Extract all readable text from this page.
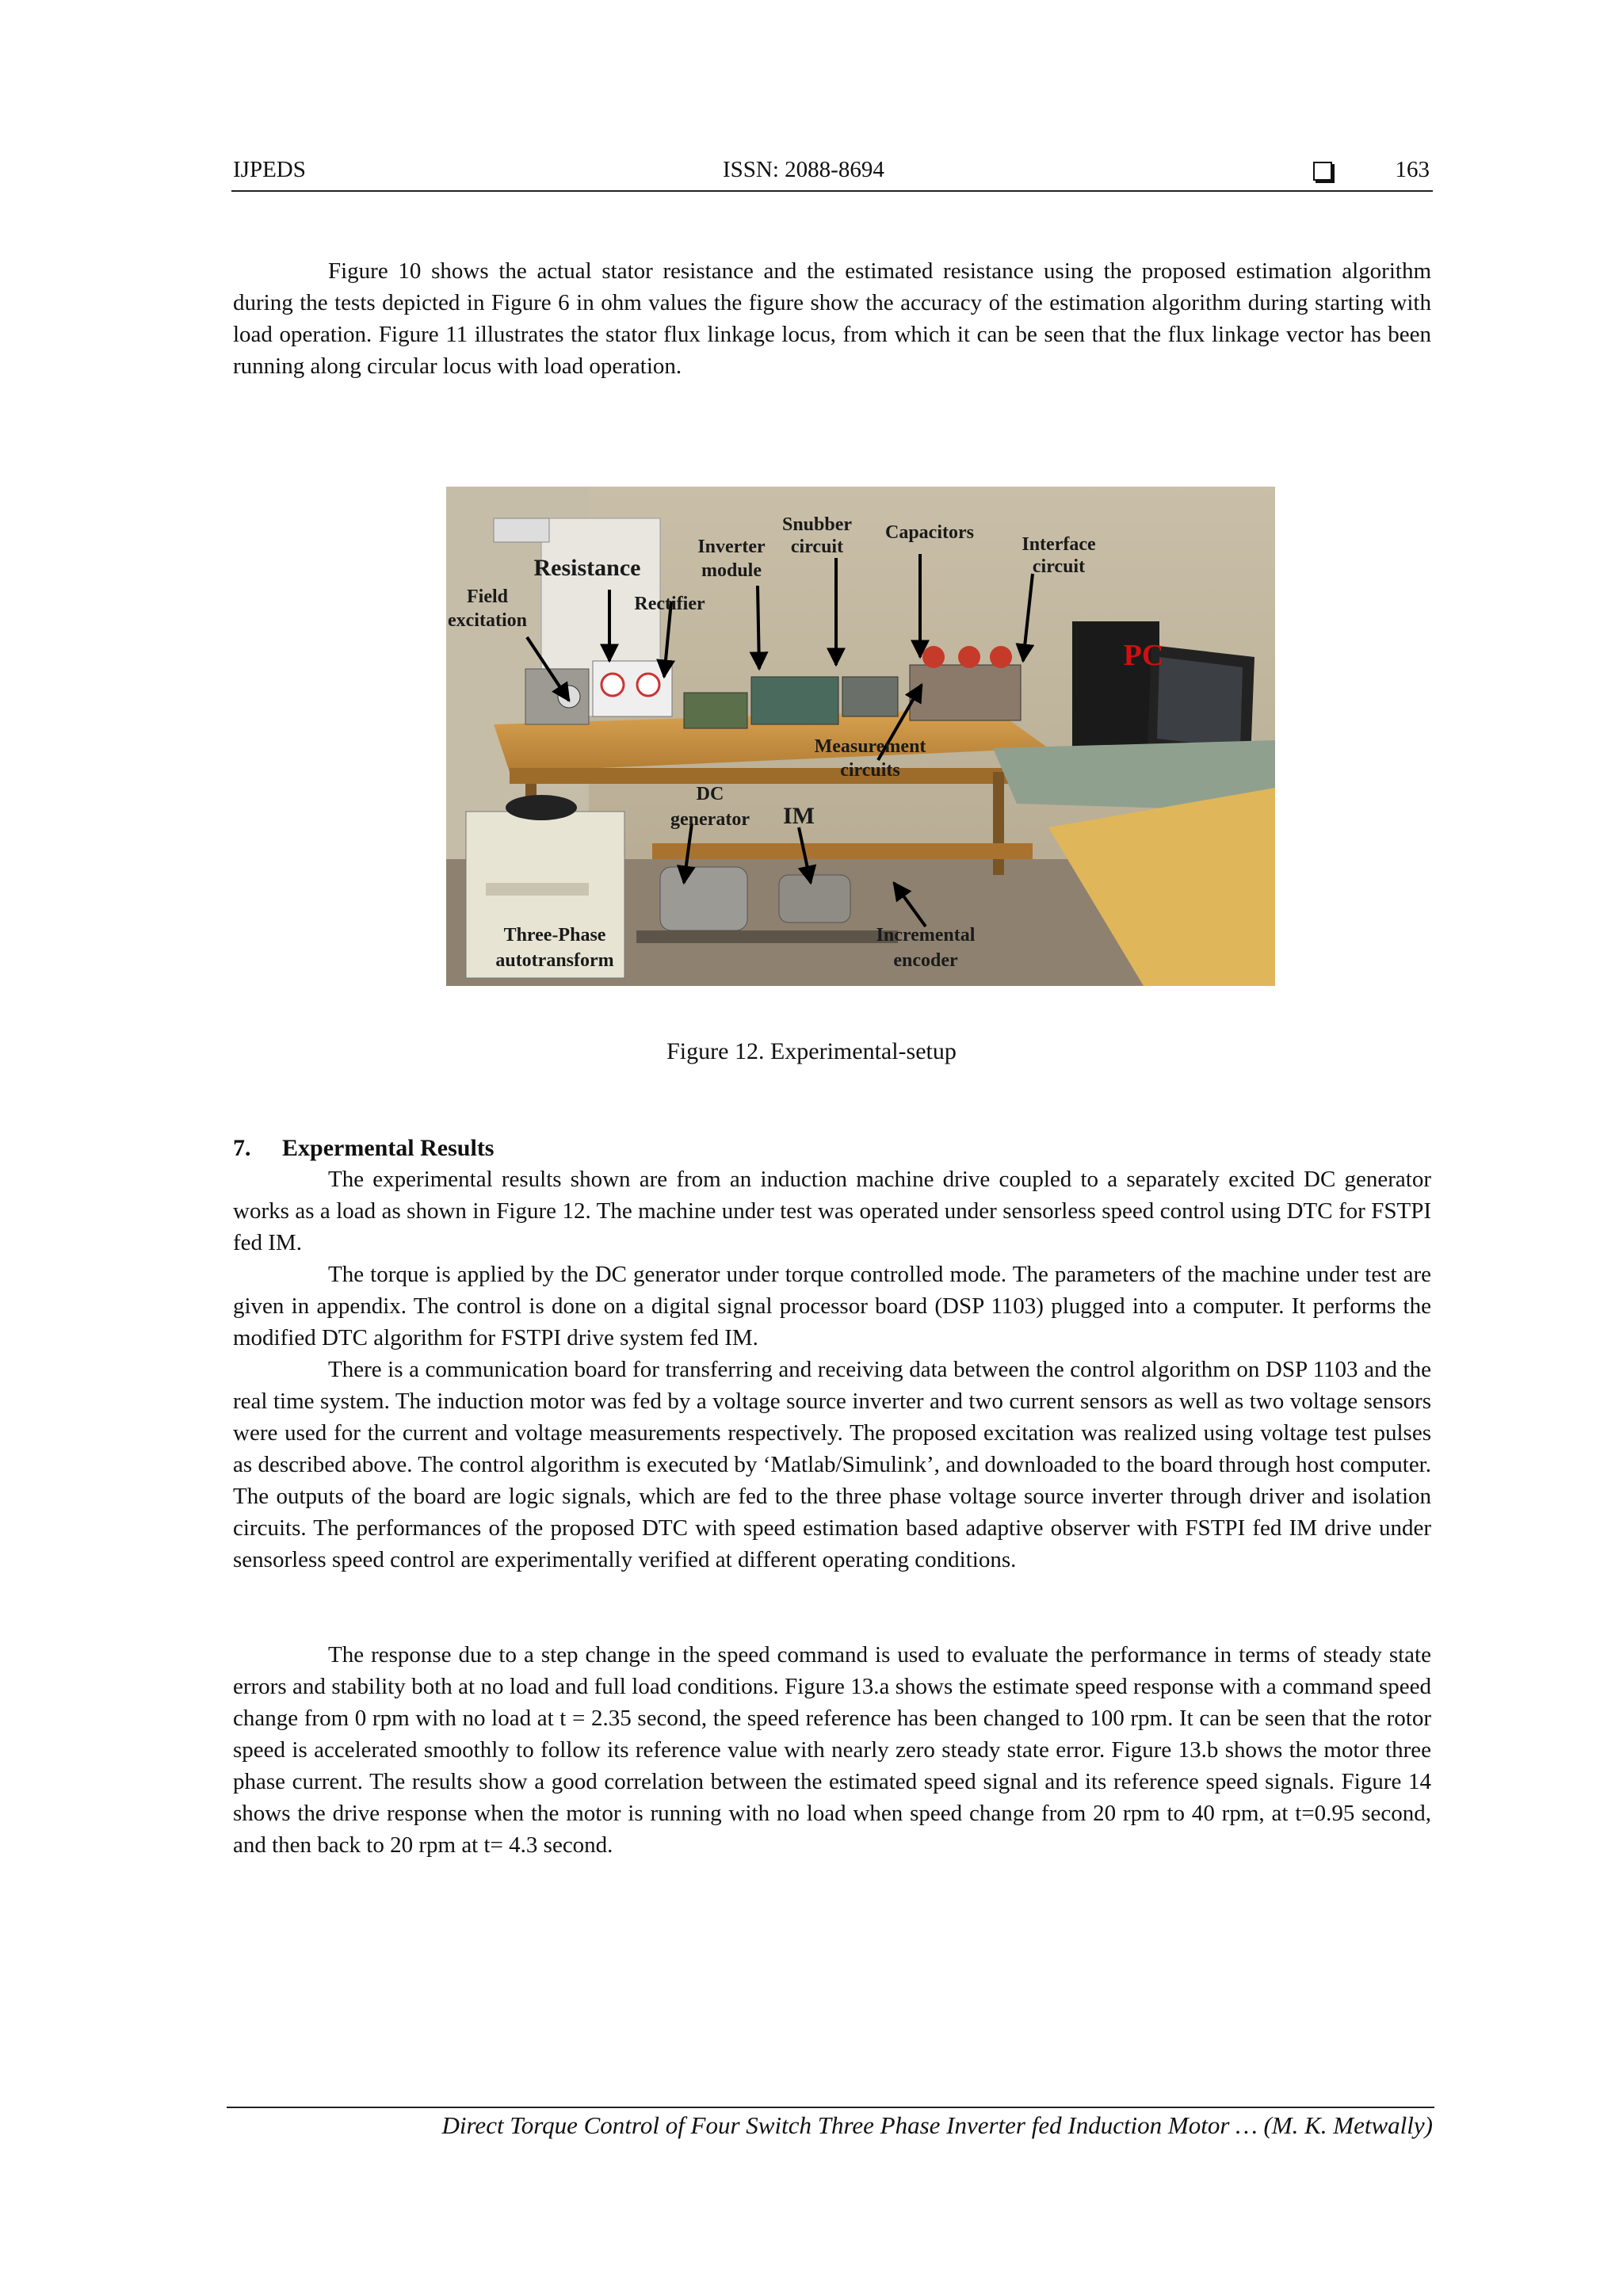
IJPEDS	ISSN: 2088-8694	163

Figure 10 shows the actual stator resistance and the estimated resistance using the proposed estimation algorithm during the tests depicted in Figure 6 in ohm values the figure show the accuracy of the estimation algorithm during starting with load operation. Figure 11 illustrates the stator flux linkage locus, from which it can be seen that the flux linkage vector has been running along circular locus with load operation.

Snubber
circuit
Capacitors
Interface
circuit
Inverter
module
Resistance
Field
excitation
Rectifier
PC
Measurement
circuits
DC
generator IM
Three-Phase
autotransform
Incremental
encoder
Figure 12. Experimental-setup
7. Expermental Results

The experimental results shown are from an induction machine drive coupled to a separately excited DC generator works as a load as shown in Figure 12. The machine under test was operated under sensorless speed control using DTC for FSTPI fed IM.

The torque is applied by the DC generator under torque controlled mode. The parameters of the machine under test are given in appendix. The control is done on a digital signal processor board (DSP 1103) plugged into a computer. It performs the modified DTC algorithm for FSTPI drive system fed IM.

There is a communication board for transferring and receiving data between the control algorithm on DSP 1103 and the real time system. The induction motor was fed by a voltage source inverter and two current sensors as well as two voltage sensors were used for the current and voltage measurements respectively. The proposed excitation was realized using voltage test pulses as described above. The control algorithm is executed by ‘Matlab/Simulink’, and downloaded to the board through host computer. The outputs of the board are logic signals, which are fed to the three phase voltage source inverter through driver and isolation circuits. The performances of the proposed DTC with speed estimation based adaptive observer with FSTPI fed IM drive under sensorless speed control are experimentally verified at different operating conditions.

The response due to a step change in the speed command is used to evaluate the performance in terms of steady state errors and stability both at no load and full load conditions. Figure 13.a shows the estimate speed response with a command speed change from 0 rpm with no load at t = 2.35 second, the speed reference has been changed to 100 rpm. It can be seen that the rotor speed is accelerated smoothly to follow its reference value with nearly zero steady state error. Figure 13.b shows the motor three phase current. The results show a good correlation between the estimated speed signal and its reference speed signals. Figure 14 shows the drive response when the motor is running with no load when speed change from 20 rpm to 40 rpm, at t=0.95 second, and then back to 20 rpm at t= 4.3 second.

Direct Torque Control of Four Switch Three Phase Inverter fed Induction Motor … (M. K. Metwally)
